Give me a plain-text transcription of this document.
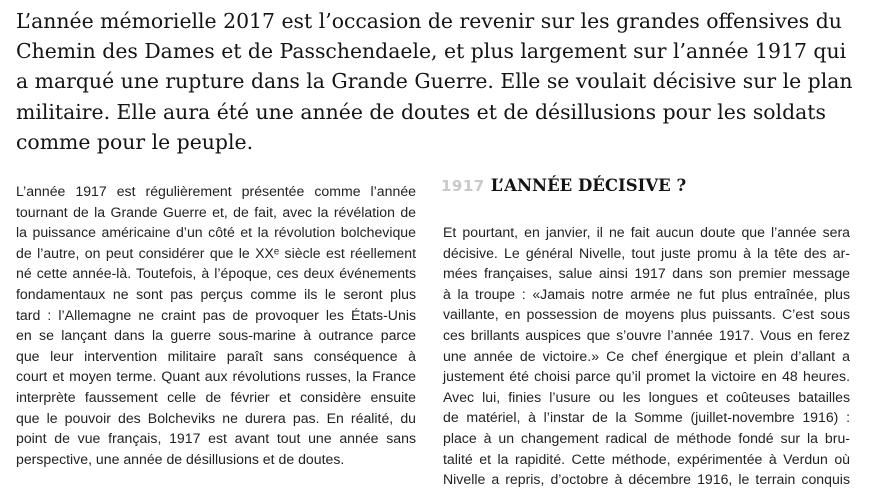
L’année mémorielle 2017 est l’occasion de revenir sur les grandes offensives du
Chemin des Dames et de Passchendaele, et plus largement sur l’année 1917 qui
a marqué une rupture dans la Grande Guerre. Elle se voulait décisive sur le plan
militaire. Elle aura été une année de doutes et de désillusions pour les soldats
comme pour le peuple.
L’année 1917 est régulièrement présentée comme l’année
tournant de la Grande Guerre et, de fait, avec la révélation de
la puissance américaine d’un côté et la révolution bolchevique
de l’autre, on peut considérer que le XXᵉ siècle est réellement
né cette année-là. Toutefois, à l’époque, ces deux événements
fondamentaux ne sont pas perçus comme ils le seront plus
tard : l’Allemagne ne craint pas de provoquer les États-Unis
en se lançant dans la guerre sous-marine à outrance parce
que leur intervention militaire paraît sans conséquence à
court et moyen terme. Quant aux révolutions russes, la France
interprète faussement celle de février et considère ensuite
que le pouvoir des Bolcheviks ne durera pas. En réalité, du
point de vue français, 1917 est avant tout une année sans
perspective, une année de désillusions et de doutes.
1917 L’ANNÉE DÉCISIVE ?
Et pourtant, en janvier, il ne fait aucun doute que l’année sera
décisive. Le général Nivelle, tout juste promu à la tête des ar-
mées françaises, salue ainsi 1917 dans son premier message
à la troupe : «Jamais notre armée ne fut plus entraînée, plus
vaillante, en possession de moyens plus puissants. C’est sous
ces brillants auspices que s’ouvre l’année 1917. Vous en ferez
une année de victoire.» Ce chef énergique et plein d’allant a
justement été choisi parce qu’il promet la victoire en 48 heures.
Avec lui, finies l’usure ou les longues et coûteuses batailles
de matériel, à l’instar de la Somme (juillet-novembre 1916) :
place à un changement radical de méthode fondé sur la bru-
talité et la rapidité. Cette méthode, expérimentée à Verdun où
Nivelle a repris, d’octobre à décembre 1916, le terrain conquis
